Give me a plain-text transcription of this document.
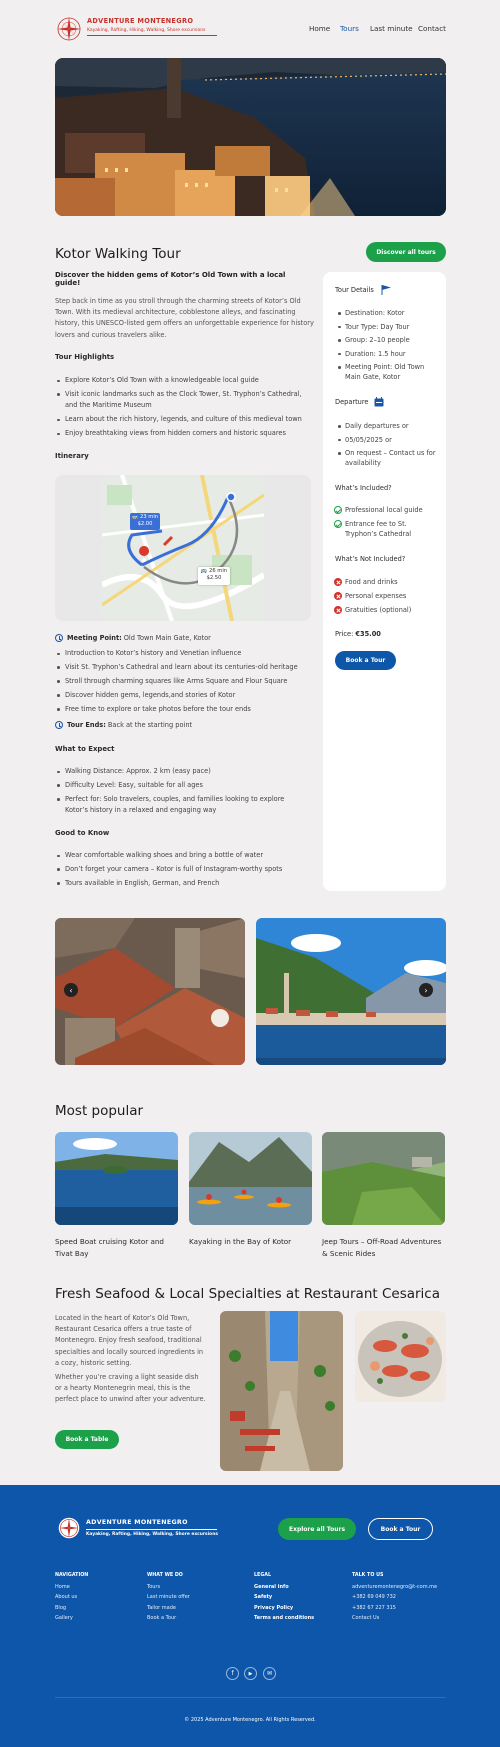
ADVENTURE MONTENEGRO
Kayaking, Rafting, Hiking, Walking, Shore excursions	Home Tours Last minute Contact
Kotor Walking Tour	Discover all tours
Discover the hidden gems of Kotor’s Old Town with a local guide!
Step back in time as you stroll through the charming streets of Kotor’s Old Town. With its medieval architecture, cobblestone alleys, and fascinating history, this UNESCO-listed gem offers an unforgettable experience for history lovers and curious travelers alike.
Tour Highlights
Explore Kotor’s Old Town with a knowledgeable local guide
Visit iconic landmarks such as the Clock Tower, St. Tryphon’s Cathedral, and the Maritime Museum
Learn about the rich history, legends, and culture of this medieval town
Enjoy breathtaking views from hidden corners and historic squares
Itinerary
🚌 23 min
$2.00
🚌 26 min
$2.50
Meeting Point: Old Town Main Gate, Kotor
Introduction to Kotor’s history and Venetian influence
Visit St. Tryphon’s Cathedral and learn about its centuries-old heritage
Stroll through charming squares like Arms Square and Flour Square
Discover hidden gems, legends,and stories of Kotor
Free time to explore or take photos before the tour ends
Tour Ends: Back at the starting point
What to Expect
Walking Distance: Approx. 2 km (easy pace)
Difficulty Level: Easy, suitable for all ages
Perfect for: Solo travelers, couples, and families looking to explore Kotor’s history in a relaxed and engaging way
Good to Know
Wear comfortable walking shoes and bring a bottle of water
Don’t forget your camera – Kotor is full of Instagram-worthy spots
Tours available in English, German, and French
Tour Details
Destination: Kotor
Tour Type: Day Tour
Group: 2–10 people
Duration: 1.5 hour
Meeting Point: Old Town Main Gate, Kotor
Departure
Daily departures or
05/05/2025 or
On request – Contact us for availability
What’s Included?
Professional local guide
Entrance fee to St. Tryphon’s Cathedral
What’s Not Included?
Food and drinks
Personal expenses
Gratuities (optional)
Price: €35.00
Book a Tour
‹	›
Most popular
Speed Boat cruising Kotor and Tivat Bay
Kayaking in the Bay of Kotor	Jeep Tours – Off-Road Adventures & Scenic Rides
Fresh Seafood & Local Specialties at Restaurant Cesarica
Located in the heart of Kotor’s Old Town, Restaurant Cesarica offers a true taste of Montenegro. Enjoy fresh seafood, traditional specialties and locally sourced ingredients in a cozy, historic setting.
Whether you’re craving a light seaside dish or a hearty Montenegrin meal, this is the perfect place to unwind after your adventure.
Book a Table
ADVENTURE MONTENEGRO
Kayaking, Rafting, Hiking, Walking, Shore excursions
Explore all Tours	Book a Tour
NAVIGATION
Home
About us
Blog
Gallery
WHAT WE DO
Tours
Last minute offer
Tailor made
Book a Tour
LEGAL
General info
Safety
Privacy Policy
Terms and conditions
TALK TO US
adventuremontenegro@t-com.me
+382 69 049 732
+382 67 227 315
Contact Us
f	▶	✉
© 2025 Adventure Montenegro. All Rights Reserved.
